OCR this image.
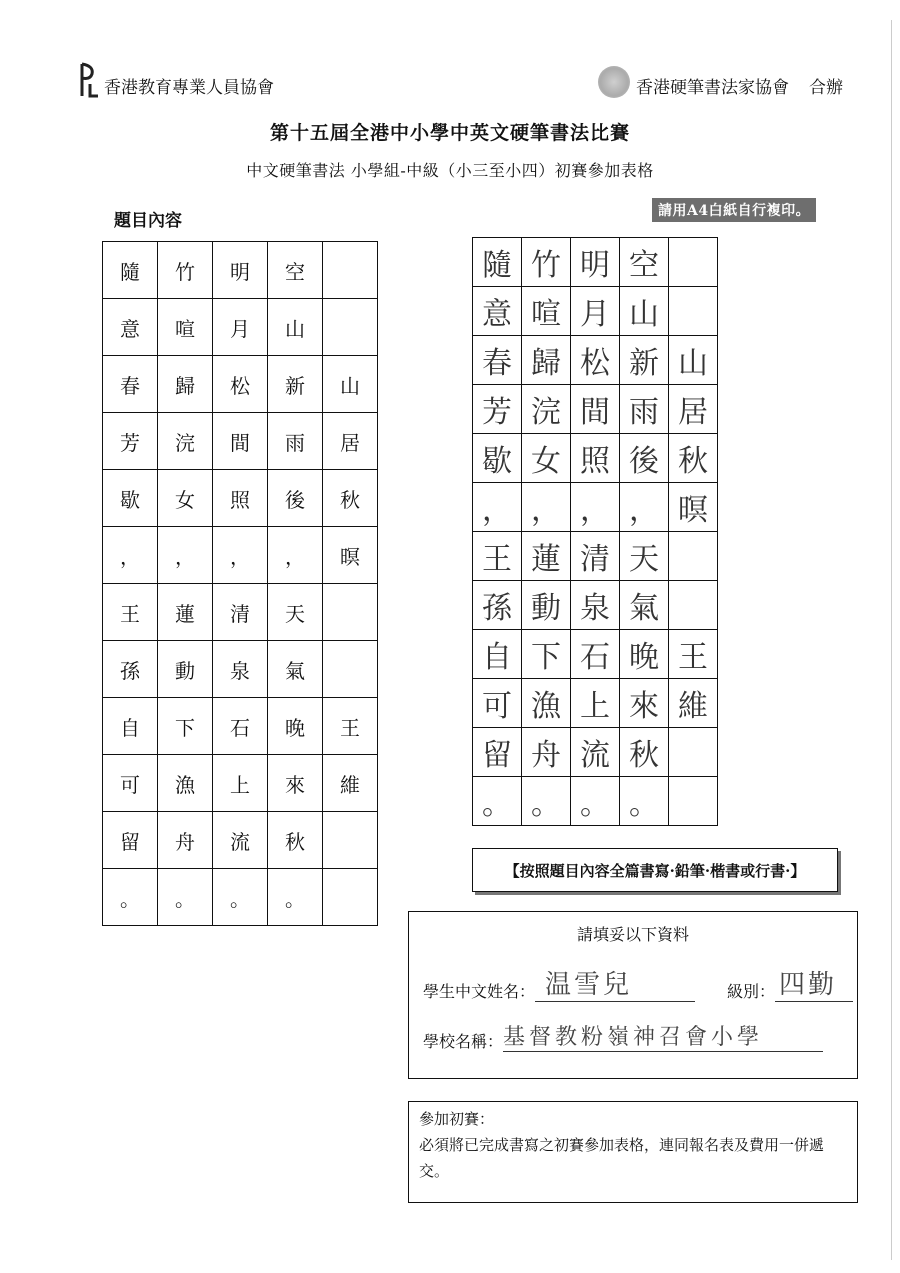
香港教育專業人員協會	香港硬筆書法家協會 合辦
第十五屆全港中小學中英文硬筆書法比賽
中文硬筆書法 小學組-中級（小三至小四）初賽參加表格
題目內容	請用A4白紙自行複印。
隨	竹	明	空	
意	喧	月	山	
春	歸	松	新	山
芳	浣	間	雨	居
歇	女	照	後	秋
，	，	，	，	暝
王	蓮	清	天	
孫	動	泉	氣	
自	下	石	晚	王
可	漁	上	來	維
留	舟	流	秋	
。	。	。	。	
隨	竹	明	空	
意	喧	月	山	
春	歸	松	新	山
芳	浣	間	雨	居
歇	女	照	後	秋
，	，	，	，	暝
王	蓮	清	天	
孫	動	泉	氣	
自	下	石	晚	王
可	漁	上	來	維
留	舟	流	秋	
。	。	。	。	
【按照題目內容全篇書寫·鉛筆·楷書或行書·】
請填妥以下資料
學生中文姓名： 温雪兒	級別： 四勤
學校名稱： 基督教粉嶺神召會小學
參加初賽：
必須將已完成書寫之初賽參加表格，連同報名表及費用一併遞交。
